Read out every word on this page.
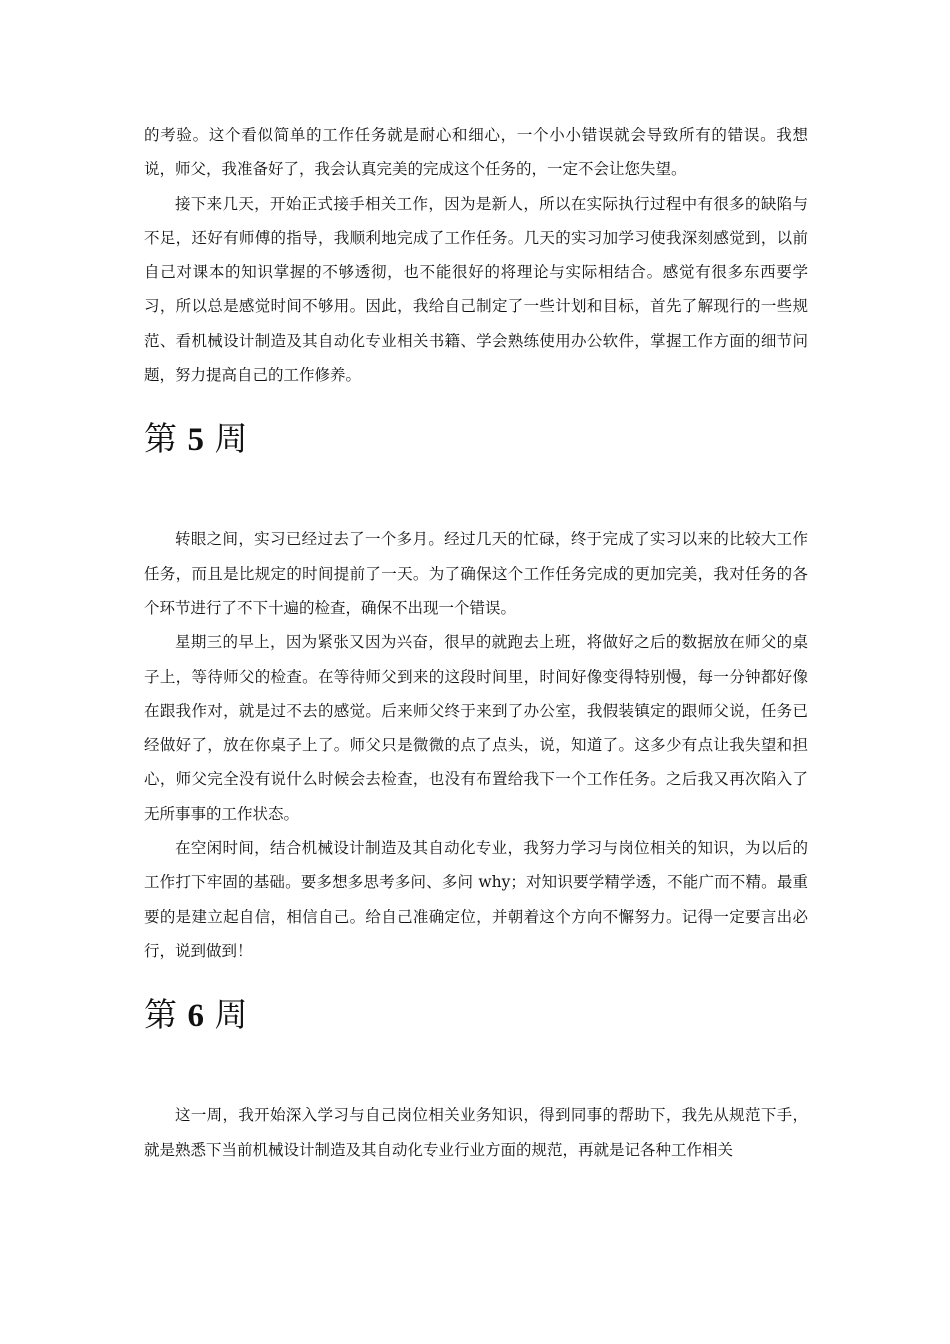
的考验。这个看似简单的工作任务就是耐心和细心，一个小小错误就会导致所有的错误。我想说，师父，我准备好了，我会认真完美的完成这个任务的，一定不会让您失望。

接下来几天，开始正式接手相关工作，因为是新人，所以在实际执行过程中有很多的缺陷与不足，还好有师傅的指导，我顺利地完成了工作任务。几天的实习加学习使我深刻感觉到，以前自己对课本的知识掌握的不够透彻，也不能很好的将理论与实际相结合。感觉有很多东西要学习，所以总是感觉时间不够用。因此，我给自己制定了一些计划和目标，首先了解现行的一些规范、看机械设计制造及其自动化专业相关书籍、学会熟练使用办公软件，掌握工作方面的细节问题，努力提高自己的工作修养。

第 5 周

转眼之间，实习已经过去了一个多月。经过几天的忙碌，终于完成了实习以来的比较大工作任务，而且是比规定的时间提前了一天。为了确保这个工作任务完成的更加完美，我对任务的各个环节进行了不下十遍的检查，确保不出现一个错误。

星期三的早上，因为紧张又因为兴奋，很早的就跑去上班，将做好之后的数据放在师父的桌子上，等待师父的检查。在等待师父到来的这段时间里，时间好像变得特别慢，每一分钟都好像在跟我作对，就是过不去的感觉。后来师父终于来到了办公室，我假装镇定的跟师父说，任务已经做好了，放在你桌子上了。师父只是微微的点了点头，说，知道了。这多少有点让我失望和担心，师父完全没有说什么时候会去检查，也没有布置给我下一个工作任务。之后我又再次陷入了无所事事的工作状态。

在空闲时间，结合机械设计制造及其自动化专业，我努力学习与岗位相关的知识，为以后的工作打下牢固的基础。要多想多思考多问、多问 why；对知识要学精学透，不能广而不精。最重要的是建立起自信，相信自己。给自己准确定位，并朝着这个方向不懈努力。记得一定要言出必行，说到做到！

第 6 周

这一周，我开始深入学习与自己岗位相关业务知识，得到同事的帮助下，我先从规范下手，就是熟悉下当前机械设计制造及其自动化专业行业方面的规范，再就是记各种工作相关
